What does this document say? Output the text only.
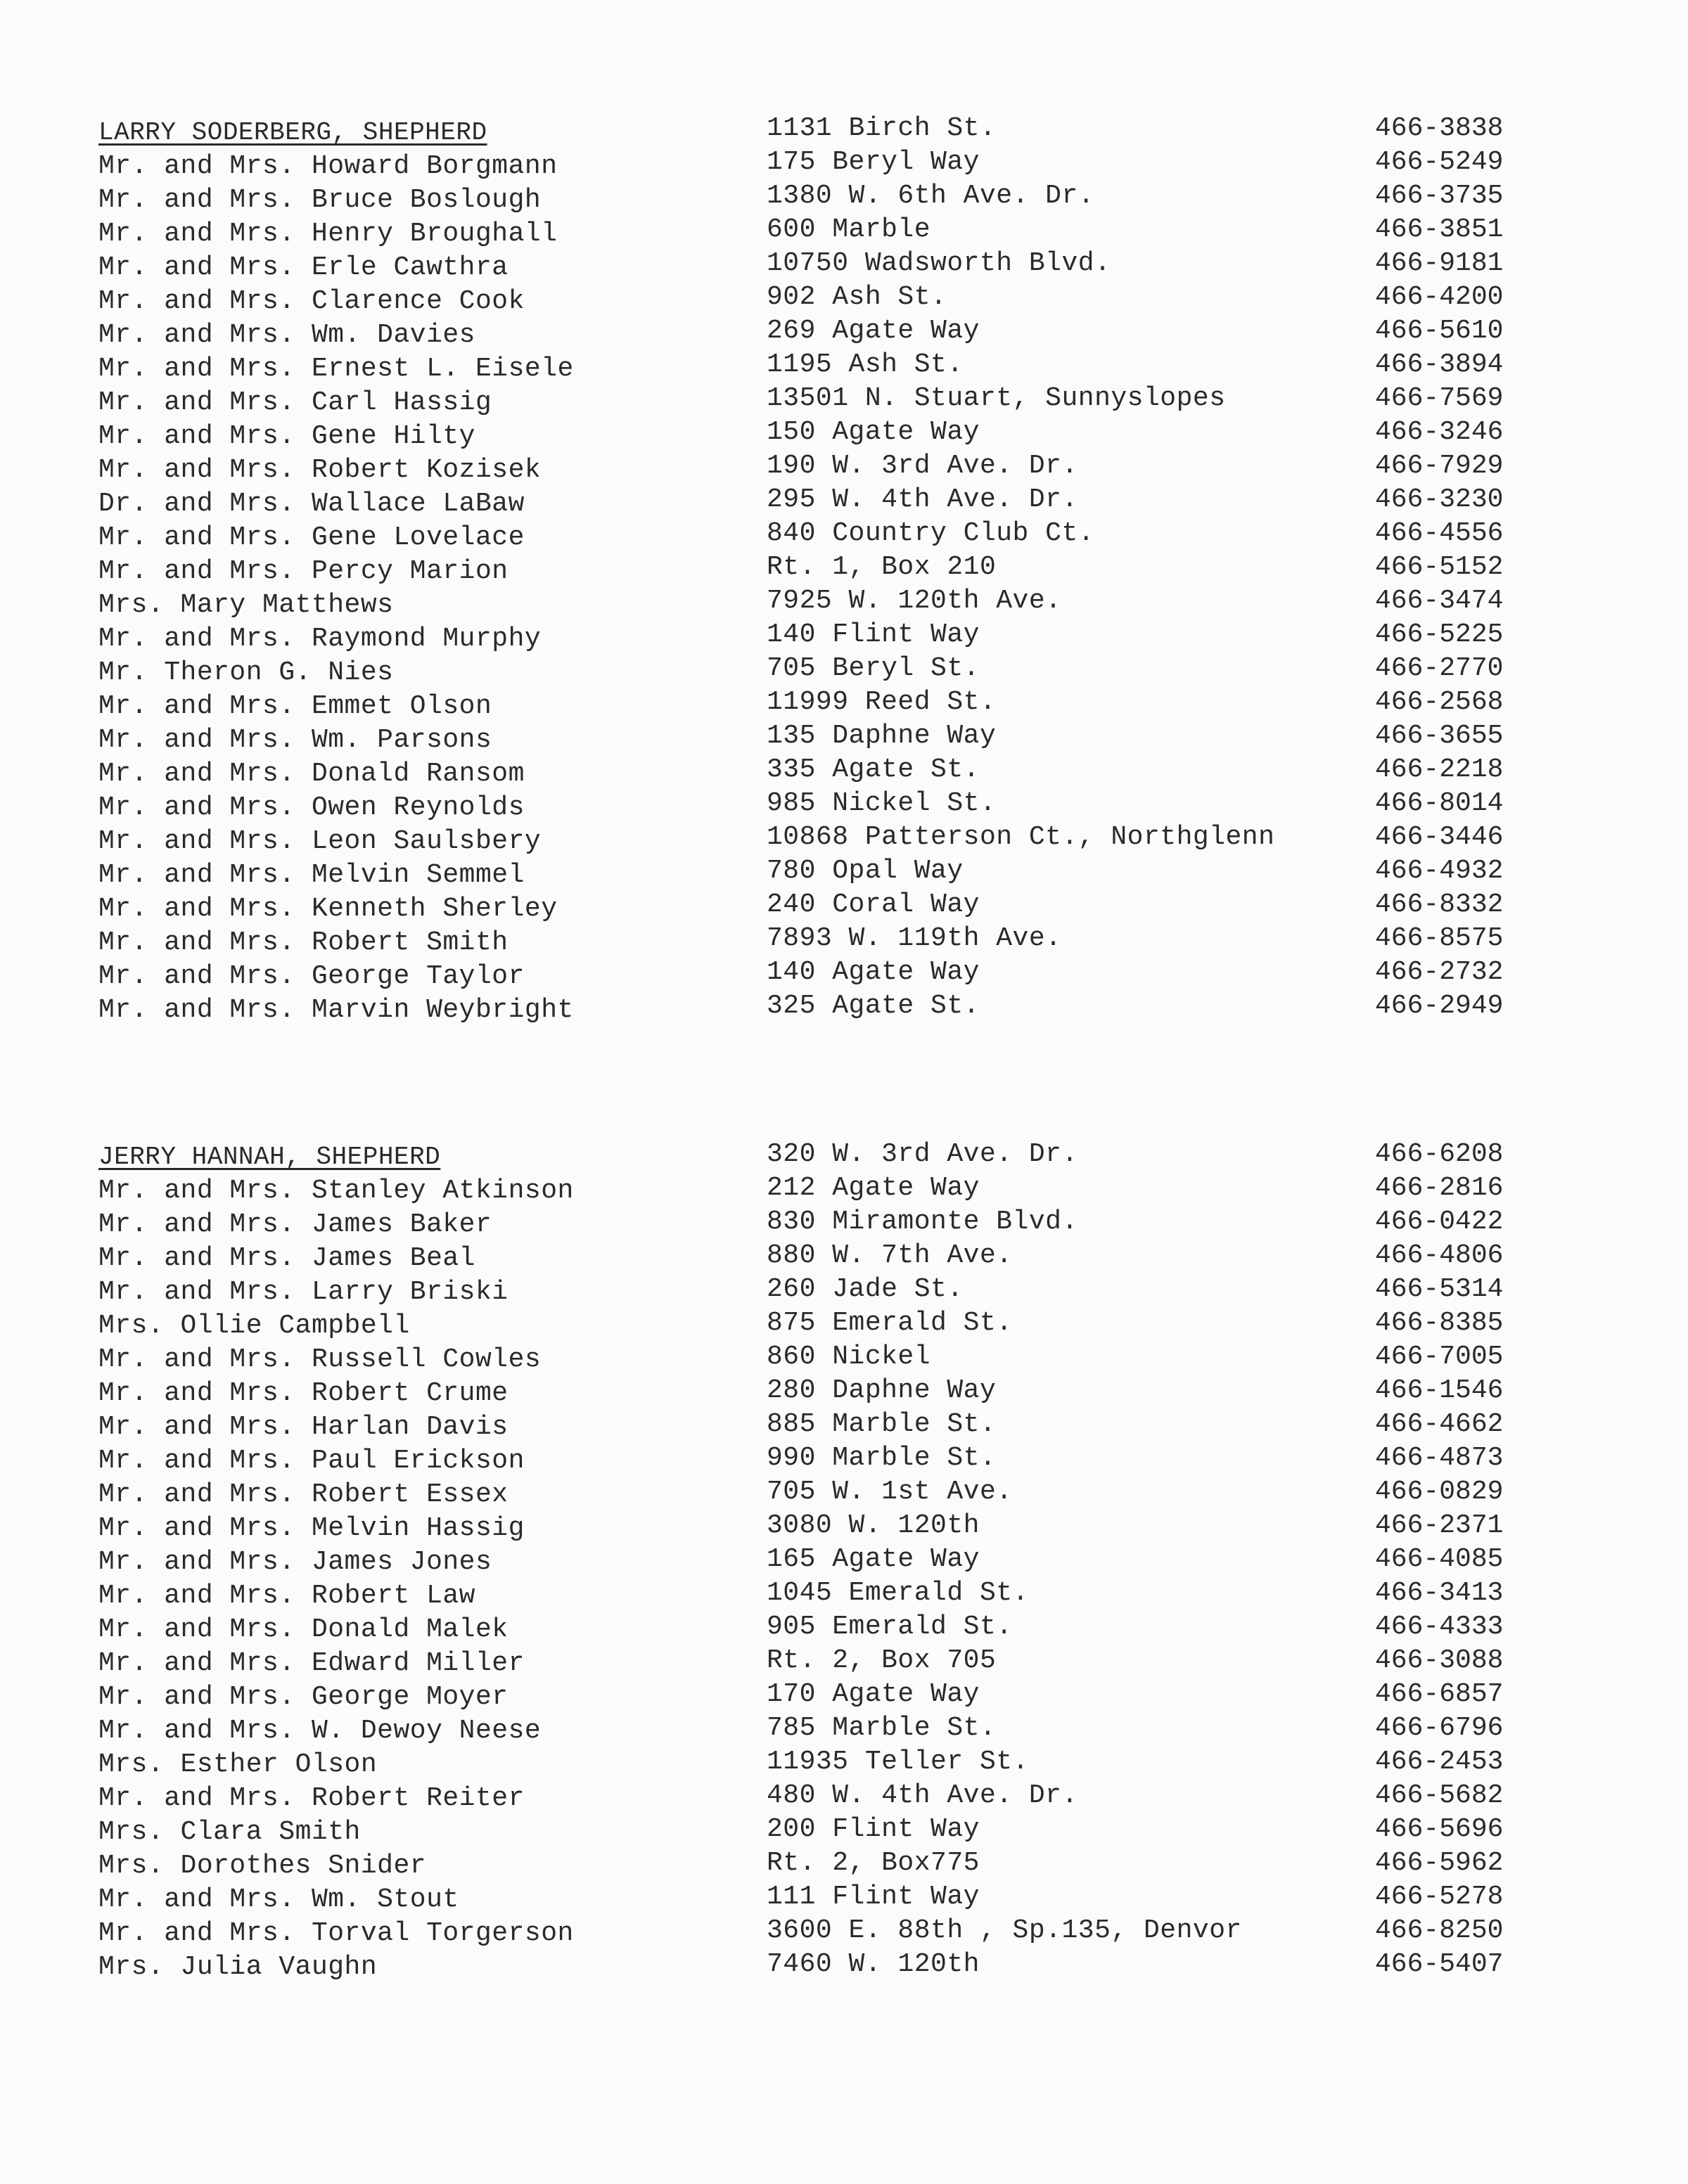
LARRY SODERBERG, SHEPHERD
Mr. and Mrs. Howard Borgmann
Mr. and Mrs. Bruce Boslough
Mr. and Mrs. Henry Broughall
Mr. and Mrs. Erle Cawthra
Mr. and Mrs. Clarence Cook
Mr. and Mrs. Wm. Davies
Mr. and Mrs. Ernest L. Eisele
Mr. and Mrs. Carl Hassig
Mr. and Mrs. Gene Hilty
Mr. and Mrs. Robert Kozisek
Dr. and Mrs. Wallace LaBaw
Mr. and Mrs. Gene Lovelace
Mr. and Mrs. Percy Marion
Mrs. Mary Matthews
Mr. and Mrs. Raymond Murphy
Mr. Theron G. Nies
Mr. and Mrs. Emmet Olson
Mr. and Mrs. Wm. Parsons
Mr. and Mrs. Donald Ransom
Mr. and Mrs. Owen Reynolds
Mr. and Mrs. Leon Saulsbery
Mr. and Mrs. Melvin Semmel
Mr. and Mrs. Kenneth Sherley
Mr. and Mrs. Robert Smith
Mr. and Mrs. George Taylor
Mr. and Mrs. Marvin Weybright
1131 Birch St.
175 Beryl Way
1380 W. 6th Ave. Dr.
600 Marble
10750 Wadsworth Blvd.
902 Ash St.
269 Agate Way
1195 Ash St.
13501 N. Stuart, Sunnyslopes
150 Agate Way
190 W. 3rd Ave. Dr.
295 W. 4th Ave. Dr.
840 Country Club Ct.
Rt. 1, Box 210
7925 W. 120th Ave.
140 Flint Way
705 Beryl St.
11999 Reed St.
135 Daphne Way
335 Agate St.
985 Nickel St.
10868 Patterson Ct., Northglenn
780 Opal Way
240 Coral Way
7893 W. 119th Ave.
140 Agate Way
325 Agate St.
466-3838
466-5249
466-3735
466-3851
466-9181
466-4200
466-5610
466-3894
466-7569
466-3246
466-7929
466-3230
466-4556
466-5152
466-3474
466-5225
466-2770
466-2568
466-3655
466-2218
466-8014
466-3446
466-4932
466-8332
466-8575
466-2732
466-2949
JERRY HANNAH, SHEPHERD
Mr. and Mrs. Stanley Atkinson
Mr. and Mrs. James Baker
Mr. and Mrs. James Beal
Mr. and Mrs. Larry Briski
Mrs. Ollie Campbell
Mr. and Mrs. Russell Cowles
Mr. and Mrs. Robert Crume
Mr. and Mrs. Harlan Davis
Mr. and Mrs. Paul Erickson
Mr. and Mrs. Robert Essex
Mr. and Mrs. Melvin Hassig
Mr. and Mrs. James Jones
Mr. and Mrs. Robert Law
Mr. and Mrs. Donald Malek
Mr. and Mrs. Edward Miller
Mr. and Mrs. George Moyer
Mr. and Mrs. W. Dewoy Neese
Mrs. Esther Olson
Mr. and Mrs. Robert Reiter
Mrs. Clara Smith
Mrs. Dorothes Snider
Mr. and Mrs. Wm. Stout
Mr. and Mrs. Torval Torgerson
Mrs. Julia Vaughn
320 W. 3rd Ave. Dr.
212 Agate Way
830 Miramonte Blvd.
880 W. 7th Ave.
260 Jade St.
875 Emerald St.
860 Nickel
280 Daphne Way
885 Marble St.
990 Marble St.
705 W. 1st Ave.
3080 W. 120th
165 Agate Way
1045 Emerald St.
905 Emerald St.
Rt. 2, Box 705
170 Agate Way
785 Marble St.
11935 Teller St.
480 W. 4th Ave. Dr.
200 Flint Way
Rt. 2, Box775
111 Flint Way
3600 E. 88th , Sp.135, Denvor
7460 W. 120th
466-6208
466-2816
466-0422
466-4806
466-5314
466-8385
466-7005
466-1546
466-4662
466-4873
466-0829
466-2371
466-4085
466-3413
466-4333
466-3088
466-6857
466-6796
466-2453
466-5682
466-5696
466-5962
466-5278
466-8250
466-5407
